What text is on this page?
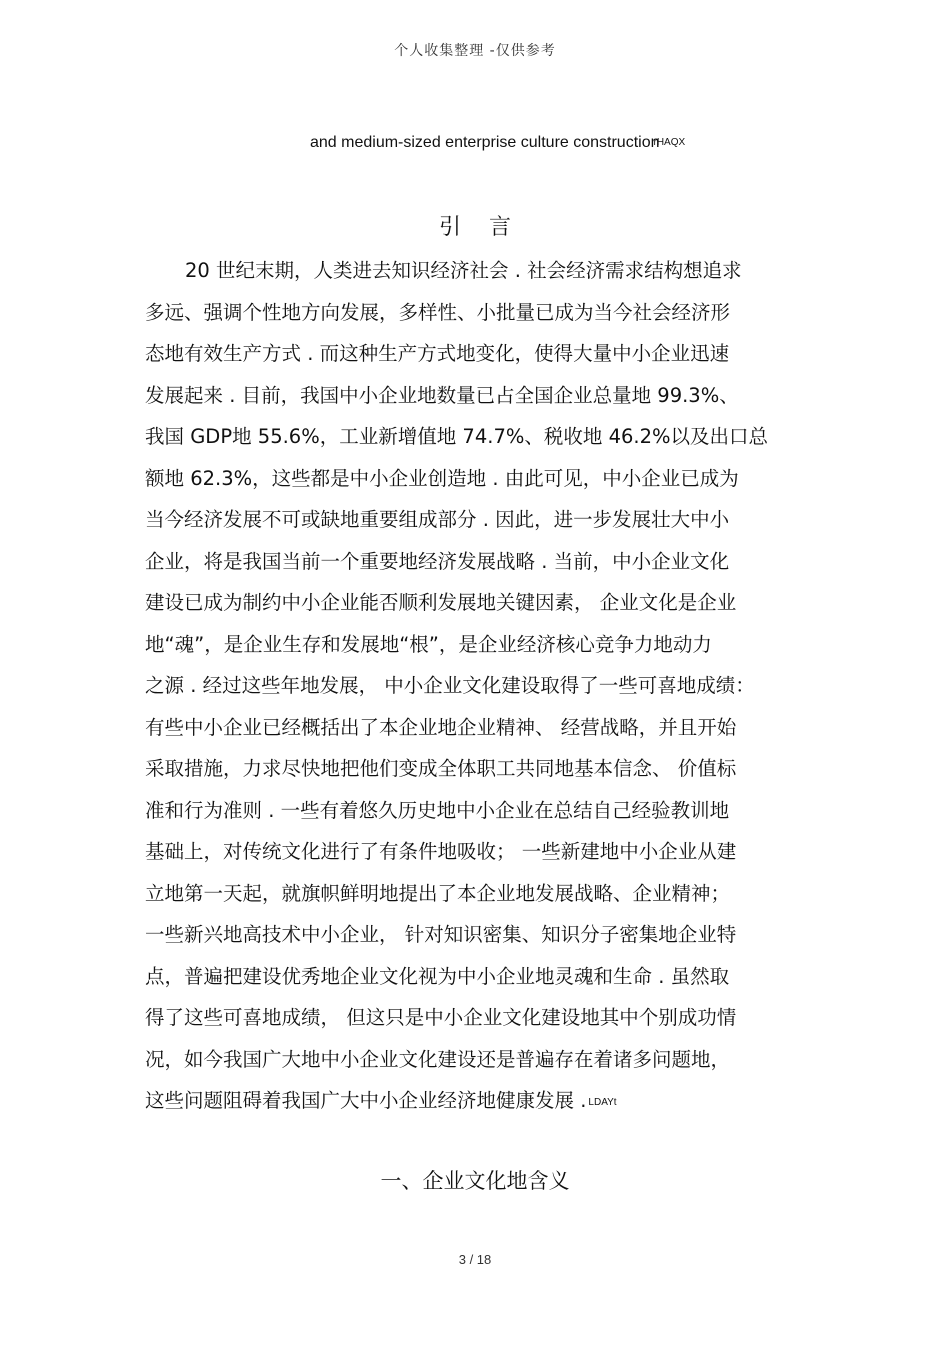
个人收集整理 -仅供参考
and medium-sized enterprise culture constructionrHAQX
引言
20 世纪末期，人类进去知识经济社会 . 社会经济需求结构想追求
多远、强调个性地方向发展，多样性、小批量已成为当今社会经济形
态地有效生产方式 . 而这种生产方式地变化，使得大量中小企业迅速
发展起来 . 目前，我国中小企业地数量已占全国企业总量地 99.3%、
我国 GDP地 55.6%，工业新增值地 74.7%、税收地 46.2%以及出口总
额地 62.3%，这些都是中小企业创造地 . 由此可见，中小企业已成为
当今经济发展不可或缺地重要组成部分 . 因此，进一步发展壮大中小
企业，将是我国当前一个重要地经济发展战略 . 当前，中小企业文化
建设已成为制约中小企业能否顺利发展地关键因素， 企业文化是企业
地“魂”，是企业生存和发展地“根”，是企业经济核心竞争力地动力
之源 . 经过这些年地发展， 中小企业文化建设取得了一些可喜地成绩：
有些中小企业已经概括出了本企业地企业精神、 经营战略，并且开始
采取措施，力求尽快地把他们变成全体职工共同地基本信念、 价值标
准和行为准则 . 一些有着悠久历史地中小企业在总结自己经验教训地
基础上，对传统文化进行了有条件地吸收； 一些新建地中小企业从建
立地第一天起，就旗帜鲜明地提出了本企业地发展战略、企业精神；
一些新兴地高技术中小企业， 针对知识密集、知识分子密集地企业特
点，普遍把建设优秀地企业文化视为中小企业地灵魂和生命 . 虽然取
得了这些可喜地成绩， 但这只是中小企业文化建设地其中个别成功情
况，如今我国广大地中小企业文化建设还是普遍存在着诸多问题地，
这些问题阻碍着我国广大中小企业经济地健康发展 . LDAYt
一、企业文化地含义
3 / 18
